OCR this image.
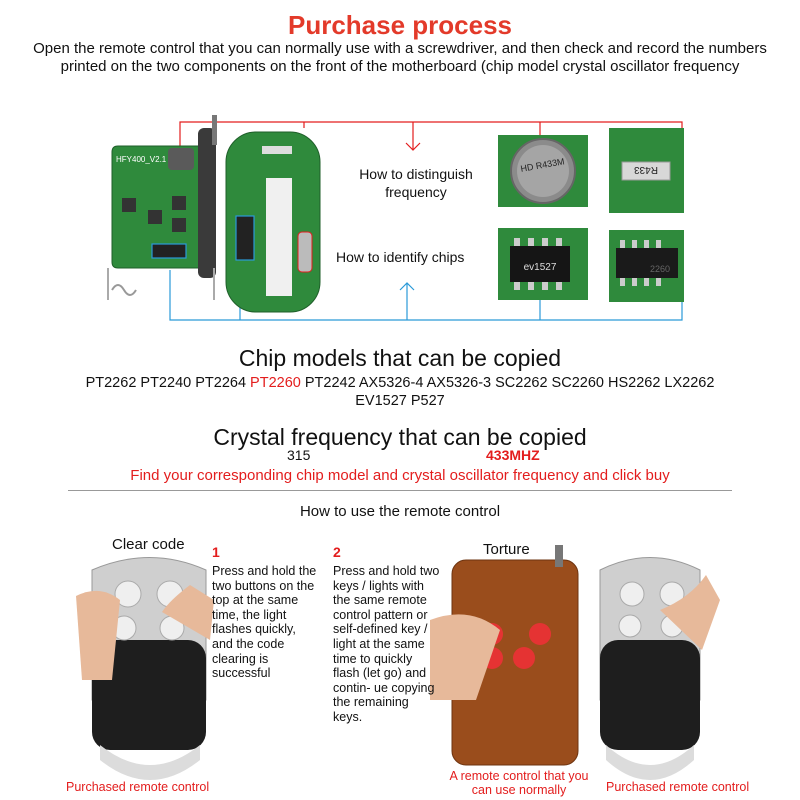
Purchase process
Open the remote control that you can normally use with a screwdriver, and then check and record the numbers printed on the two components on the front of the motherboard (chip model crystal oscillator frequency
HFY400_V2.1	HD R433M	R433
ev1527	2260
How to distinguish frequency
How to identify chips
Chip models that can be copied
PT2262 PT2240 PT2264 PT2260 PT2242 AX5326-4 AX5326-3 SC2262 SC2260 HS2262 LX2262 EV1527 P527
Crystal frequency that can be copied
315	433MHZ
Find your corresponding chip model and crystal oscillator frequency and click buy
How to use the remote control
Clear code	Torture
1
Press and hold the two buttons on the top at the same time, the light flashes quickly, and the code clearing is successful
2
Press and hold two keys / lights with the same remote control pattern or self-defined key / light at the same time to quickly flash (let go) and contin- ue copying the remaining keys.
Purchased remote control
A remote control that you can use normally	Purchased remote control
